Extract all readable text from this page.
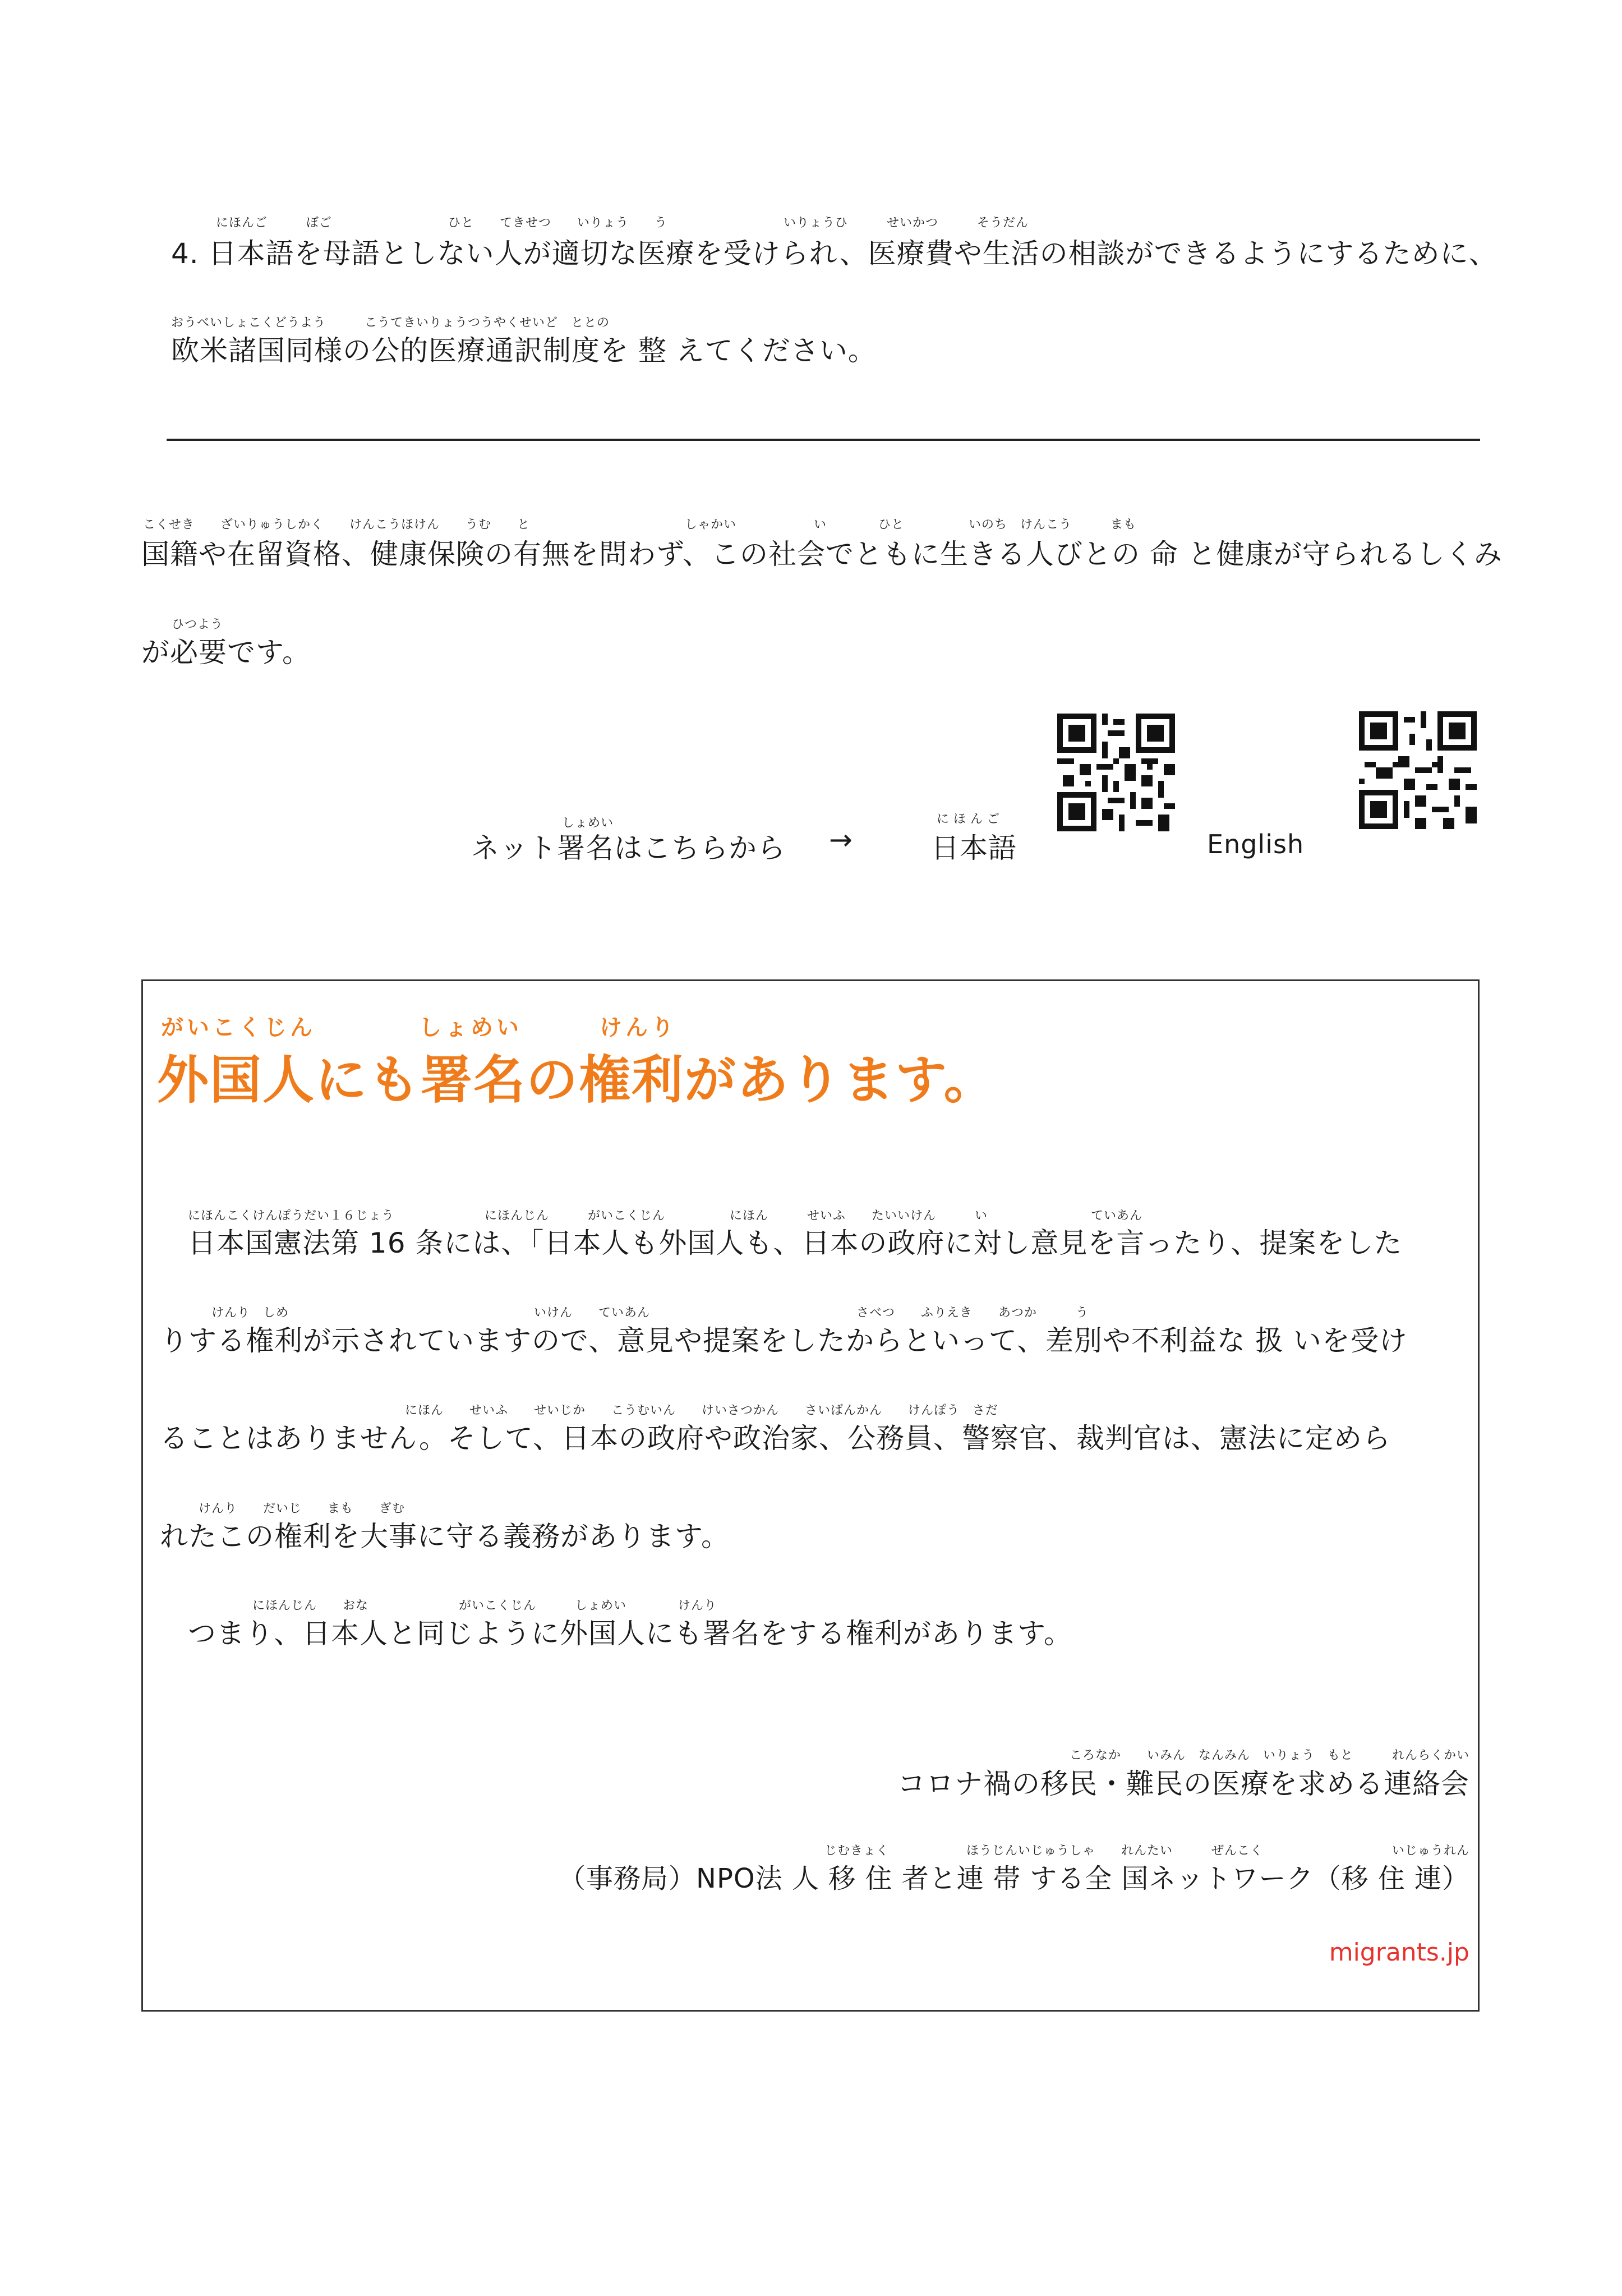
にほんご　　　ぼご　　　　　　　　　ひと　　てきせつ　　いりょう　　う　　　　　　　　　いりょうひ　　　せいかつ　　　そうだん
4. 日本語を母語としない人が適切な医療を受けられ、医療費や生活の相談ができるようにするために、
おうべいしょこくどうよう　　　こうてきいりょうつうやくせいど　ととの
欧米諸国同様の公的医療通訳制度を 整 えてください。
こくせき　　ざいりゅうしかく　　けんこうほけん　　うむ　　と　　　　　　　　　　　　しゃかい　　　　　　い　　　　ひと　　　　　いのち　けんこう　　　まも
国籍や在留資格、健康保険の有無を問わず、この社会でともに生きる人びとの 命 と健康が守られるしくみ
ひつよう
が必要です。
しょめい
ネット署名はこちらから →
にほんご
日本語	English
がいこくじん　　　　しょめい　　　けんり
外国人にも署名の権利があります。
にほんこくけんぽうだい１６じょう　　　　　　　にほんじん　　　がいこくじん　　　　　にほん　　　せいふ　　たいいけん　　　い　　　　　　　　ていあん
日本国憲法第 16 条には、「日本人も外国人も、日本の政府に対し意見を言ったり、提案をした
　　　　けんり　しめ　　　　　　　　　　　　　　　　　　　いけん　　ていあん　　　　　　　　　　　　　　　　さべつ　　ふりえき　　あつか　　　う
りする権利が示されていますので、意見や提案をしたからといって、差別や不利益な 扱 いを受け
　　　　　　　　　　　　　　　　　　　にほん　　せいふ　　せいじか　　こうむいん　　けいさつかん　　さいばんかん　　けんぽう　さだ
ることはありません。そして、日本の政府や政治家、公務員、警察官、裁判官は、憲法に定めら
　　　けんり　　だいじ　　まも　　ぎむ
れたこの権利を大事に守る義務があります。
　　　　　にほんじん　　おな　　　　　　　がいこくじん　　　しょめい　　　　けんり
つまり、日本人と同じように外国人にも署名をする権利があります。
ころなか　　いみん　なんみん　いりょう　もと　　　れんらくかい
コロナ禍の移民・難民の医療を求める連絡会
じむきょく　　　　　　ほうじんいじゅうしゃ　　れんたい　　　ぜんこく　　　　　　　　　　いじゅうれん
（事務局）NPO法 人 移 住 者と連 帯 する全 国ネットワーク（移 住 連）
migrants.jp
